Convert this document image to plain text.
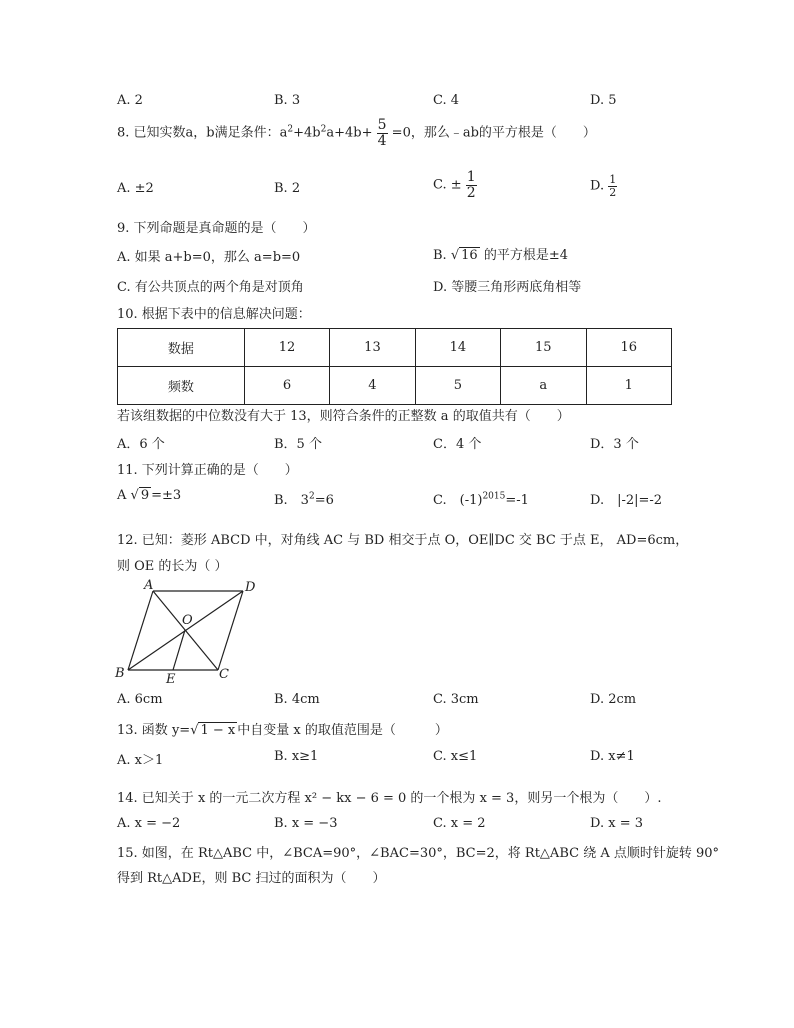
A. 2	B. 3	C. 4	D. 5
8. 已知实数a，b满足条件：$a^2+4b^2a+4b+ \frac{5}{4} =0$，那么﹣ab的平方根是（　　）
A. ±2	B. 2	C. ± $\frac{1}{2}$	D. $\frac{1}{2}$
9. 下列命题是真命题的是（　　）
A. 如果 a+b=0，那么 a=b=0	B. √ 16 的平方根是±4
C. 有公共顶点的两个角是对顶角	D. 等腰三角形两底角相等
10. 根据下表中的信息解决问题：
数据	12	13	14	15	16
频数	6	4	5	a	1
若该组数据的中位数没有大于 13，则符合条件的正整数 a 的取值共有（　　）
A．6 个	B．5 个	C．4 个	D．3 个
11. 下列计算正确的是（　　）
A √ 9 =±3	B.　$3^2=6$	C.　$(-1)^{2015}=-1$	D.　|-2|=-2
12. 已知：菱形 ABCD 中，对角线 AC 与 BD 相交于点 O，OE∥DC 交 BC 于点 E， AD=6cm，
则 OE 的长为（ ）
A	D
B	C
O
E
A. 6cm	B. 4cm	C. 3cm	D. 2cm
13. 函数 y=√ 1 − x 中自变量 x 的取值范围是（　　　）
A. x＞1	B. x≥1	C. x≤1	D. x≠1
14. 已知关于 x 的一元二次方程 x² − kx − 6 = 0 的一个根为 x = 3，则另一个根为（　　）.
A. x = −2	B. x = −3	C. x = 2	D. x = 3
15. 如图，在 Rt△ABC 中，∠BCA=90°，∠BAC=30°，BC=2，将 Rt△ABC 绕 A 点顺时针旋转 90°
得到 Rt△ADE，则 BC 扫过的面积为（　　）
